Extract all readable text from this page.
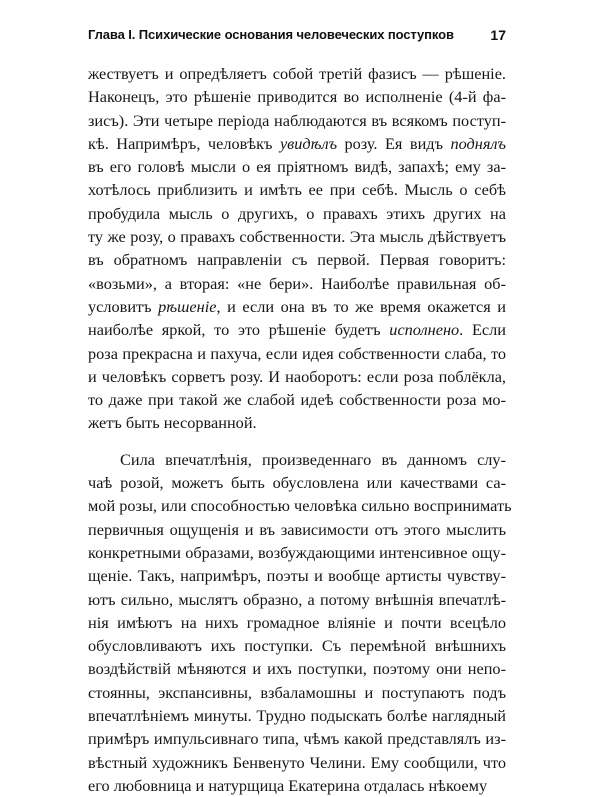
Глава I. Психические основания человеческих поступков	17
жествуетъ и опредѣляетъ собой третій фазисъ — рѣшеніе.
Наконецъ, это рѣшеніе приводится во исполненіе (4-й фа-
зисъ). Эти четыре періода наблюдаются въ всякомъ поступ-
кѣ. Напримѣръ, человѣкъ увидѣлъ розу. Ея видъ поднялъ
въ его головѣ мысли о ея пріятномъ видѣ, запахѣ; ему за-
хотѣлось приблизить и имѣть ее при себѣ. Мысль о себѣ
пробудила мысль о другихъ, о правахъ этихъ других на
ту же розу, о правахъ собственности. Эта мысль дѣйствуетъ
въ обратномъ направленіи съ первой. Первая говоритъ:
«возьми», а вторая: «не бери». Наиболѣе правильная об-
условитъ рѣшеніе, и если она въ то же время окажется и
наиболѣе яркой, то это рѣшеніе будетъ исполнено. Если
роза прекрасна и пахуча, если идея собственности слаба, то
и человѣкъ сорветъ розу. И наоборотъ: если роза поблёкла,
то даже при такой же слабой идеѣ собственности роза мо-
жетъ быть несорванной.
Сила впечатлѣнія, произведеннаго въ данномъ слу-
чаѣ розой, можетъ быть обусловлена или качествами са-
мой розы, или способностью человѣка сильно воспринимать
первичныя ощущенія и въ зависимости отъ этого мыслить
конкретными образами, возбуждающими интенсивное ощу-
щеніе. Такъ, напримѣръ, поэты и вообще артисты чувству-
ютъ сильно, мыслятъ образно, а потому внѣшнія впечатлѣ-
нія имѣютъ на нихъ громадное вліяніе и почти всецѣло
обусловливаютъ ихъ поступки. Съ перемѣной внѣшнихъ
воздѣйствій мѣняются и ихъ поступки, поэтому они непо-
стоянны, экспансивны, взбаламошны и поступаютъ подъ
впечатлѣніемъ минуты. Трудно подыскать болѣе наглядный
примѣръ импульсивнаго типа, чѣмъ какой представлялъ из-
вѣстный художникъ Бенвенуто Челини. Ему сообщили, что
его любовница и натурщица Екатерина отдалась нѣкоему
